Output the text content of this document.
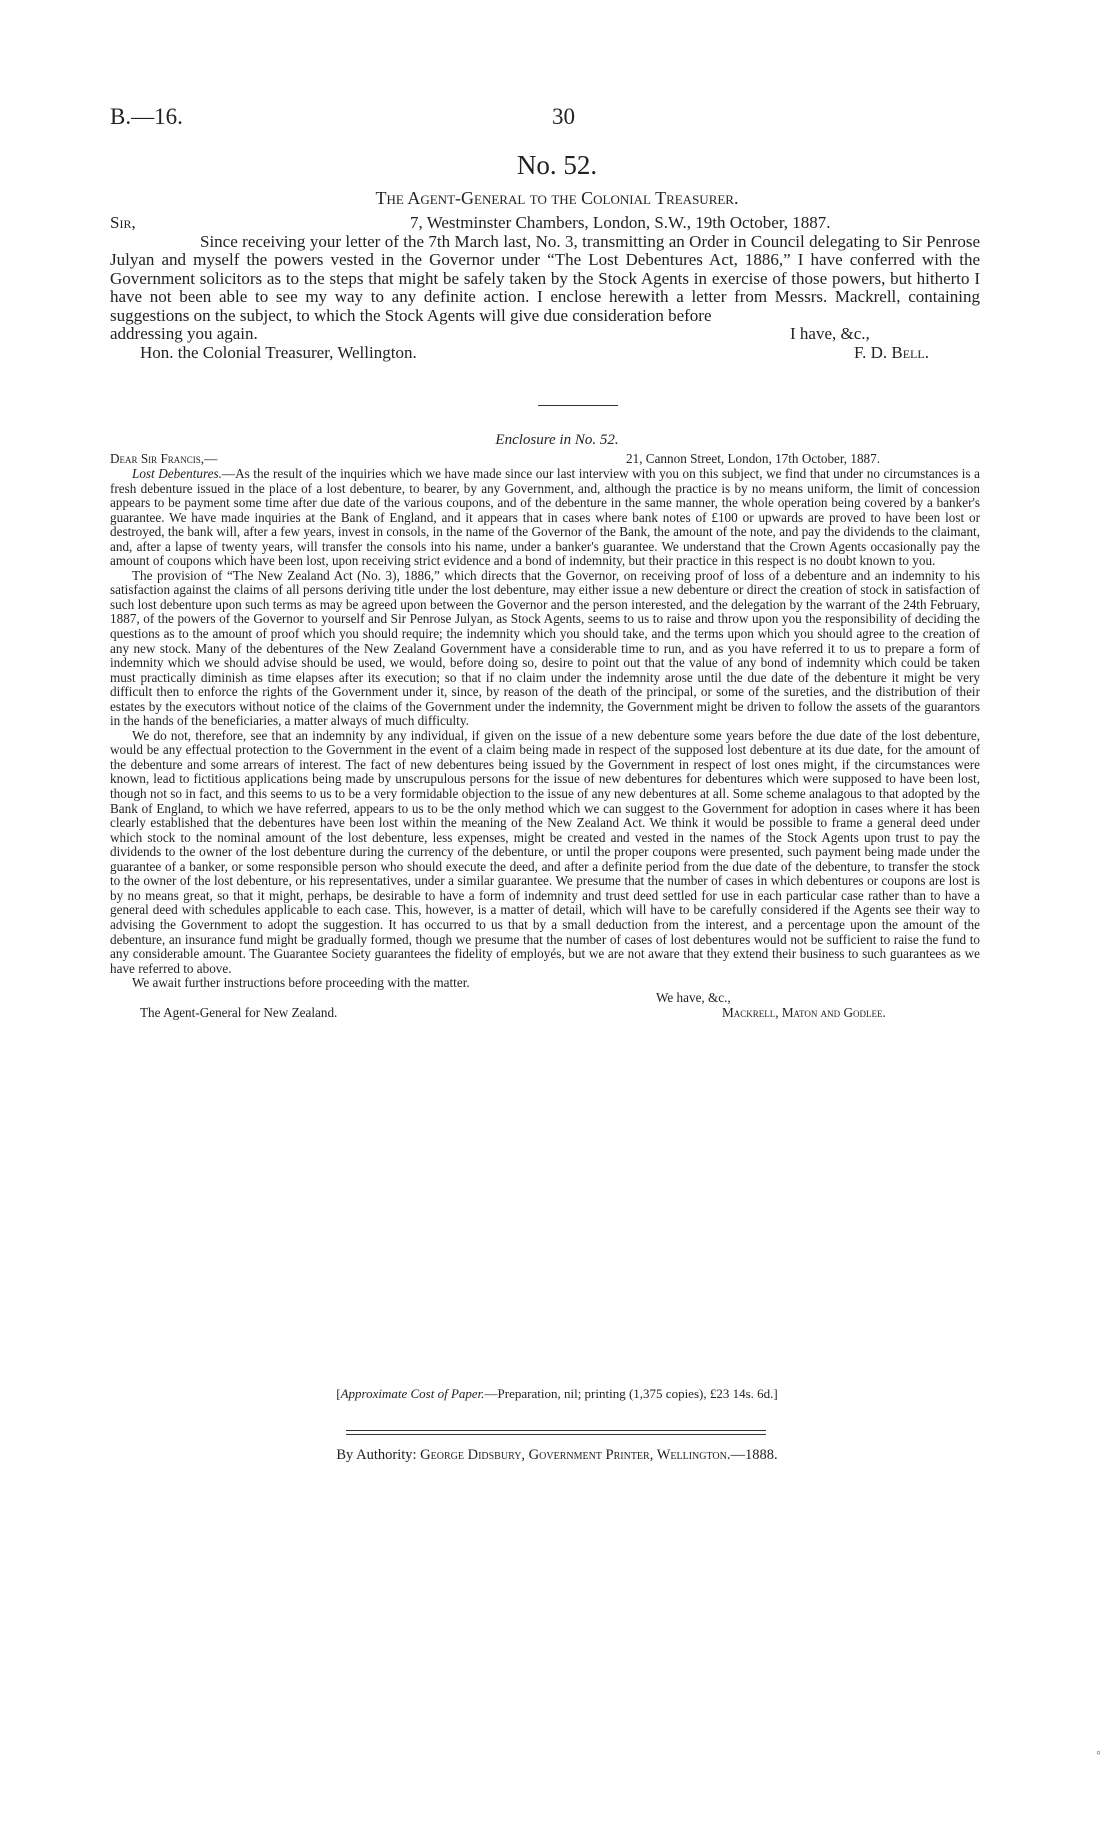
B.—16.	30
No. 52.
The Agent-General to the Colonial Treasurer.
Sir,	7, Westminster Chambers, London, S.W., 19th October, 1887.
Since receiving your letter of the 7th March last, No. 3, transmitting an Order in Council delegating to Sir Penrose Julyan and myself the powers vested in the Governor under “The Lost Debentures Act, 1886,” I have conferred with the Government solicitors as to the steps that might be safely taken by the Stock Agents in exercise of those powers, but hitherto I have not been able to see my way to any definite action. I enclose herewith a letter from Messrs. Mackrell, containing suggestions on the subject, to which the Stock Agents will give due consideration before
addressing you again.	I have, &c.,
Hon. the Colonial Treasurer, Wellington.	F. D. Bell.
Enclosure in No. 52.
Dear Sir Francis,—	21, Cannon Street, London, 17th October, 1887.

Lost Debentures.—As the result of the inquiries which we have made since our last interview with you on this subject, we find that under no circumstances is a fresh debenture issued in the place of a lost debenture, to bearer, by any Government, and, although the practice is by no means uniform, the limit of concession appears to be payment some time after due date of the various coupons, and of the debenture in the same manner, the whole operation being covered by a banker's guarantee. We have made inquiries at the Bank of England, and it appears that in cases where bank notes of £100 or upwards are proved to have been lost or destroyed, the bank will, after a few years, invest in consols, in the name of the Governor of the Bank, the amount of the note, and pay the dividends to the claimant, and, after a lapse of twenty years, will transfer the consols into his name, under a banker's guarantee. We understand that the Crown Agents occasionally pay the amount of coupons which have been lost, upon receiving strict evidence and a bond of indemnity, but their practice in this respect is no doubt known to you.

The provision of “The New Zealand Act (No. 3), 1886,” which directs that the Governor, on receiving proof of loss of a debenture and an indemnity to his satisfaction against the claims of all persons deriving title under the lost debenture, may either issue a new debenture or direct the creation of stock in satisfaction of such lost debenture upon such terms as may be agreed upon between the Governor and the person interested, and the delegation by the warrant of the 24th February, 1887, of the powers of the Governor to yourself and Sir Penrose Julyan, as Stock Agents, seems to us to raise and throw upon you the responsibility of deciding the questions as to the amount of proof which you should require; the indemnity which you should take, and the terms upon which you should agree to the creation of any new stock. Many of the debentures of the New Zealand Government have a considerable time to run, and as you have referred it to us to prepare a form of indemnity which we should advise should be used, we would, before doing so, desire to point out that the value of any bond of indemnity which could be taken must practically diminish as time elapses after its execution; so that if no claim under the indemnity arose until the due date of the debenture it might be very difficult then to enforce the rights of the Government under it, since, by reason of the death of the principal, or some of the sureties, and the distribution of their estates by the executors without notice of the claims of the Government under the indemnity, the Government might be driven to follow the assets of the guarantors in the hands of the beneficiaries, a matter always of much difficulty.

We do not, therefore, see that an indemnity by any individual, if given on the issue of a new debenture some years before the due date of the lost debenture, would be any effectual protection to the Government in the event of a claim being made in respect of the supposed lost debenture at its due date, for the amount of the debenture and some arrears of interest. The fact of new debentures being issued by the Government in respect of lost ones might, if the circumstances were known, lead to fictitious applications being made by unscrupulous persons for the issue of new debentures for debentures which were supposed to have been lost, though not so in fact, and this seems to us to be a very formidable objection to the issue of any new debentures at all. Some scheme analagous to that adopted by the Bank of England, to which we have referred, appears to us to be the only method which we can suggest to the Government for adoption in cases where it has been clearly established that the debentures have been lost within the meaning of the New Zealand Act. We think it would be possible to frame a general deed under which stock to the nominal amount of the lost debenture, less expenses, might be created and vested in the names of the Stock Agents upon trust to pay the dividends to the owner of the lost debenture during the currency of the debenture, or until the proper coupons were presented, such payment being made under the guarantee of a banker, or some responsible person who should execute the deed, and after a definite period from the due date of the debenture, to transfer the stock to the owner of the lost debenture, or his representatives, under a similar guarantee. We presume that the number of cases in which debentures or coupons are lost is by no means great, so that it might, perhaps, be desirable to have a form of indemnity and trust deed settled for use in each particular case rather than to have a general deed with schedules applicable to each case. This, however, is a matter of detail, which will have to be carefully considered if the Agents see their way to advising the Government to adopt the suggestion. It has occurred to us that by a small deduction from the interest, and a percentage upon the amount of the debenture, an insurance fund might be gradually formed, though we presume that the number of cases of lost debentures would not be sufficient to raise the fund to any considerable amount. The Guarantee Society guarantees the fidelity of employés, but we are not aware that they extend their business to such guarantees as we have referred to above.

We await further instructions before proceeding with the matter.

We have, &c.,
The Agent-General for New Zealand.	Mackrell, Maton and Godlee.
[Approximate Cost of Paper.—Preparation, nil; printing (1,375 copies), £23 14s. 6d.]
By Authority: George Didsbury, Government Printer, Wellington.—1888.
◦
